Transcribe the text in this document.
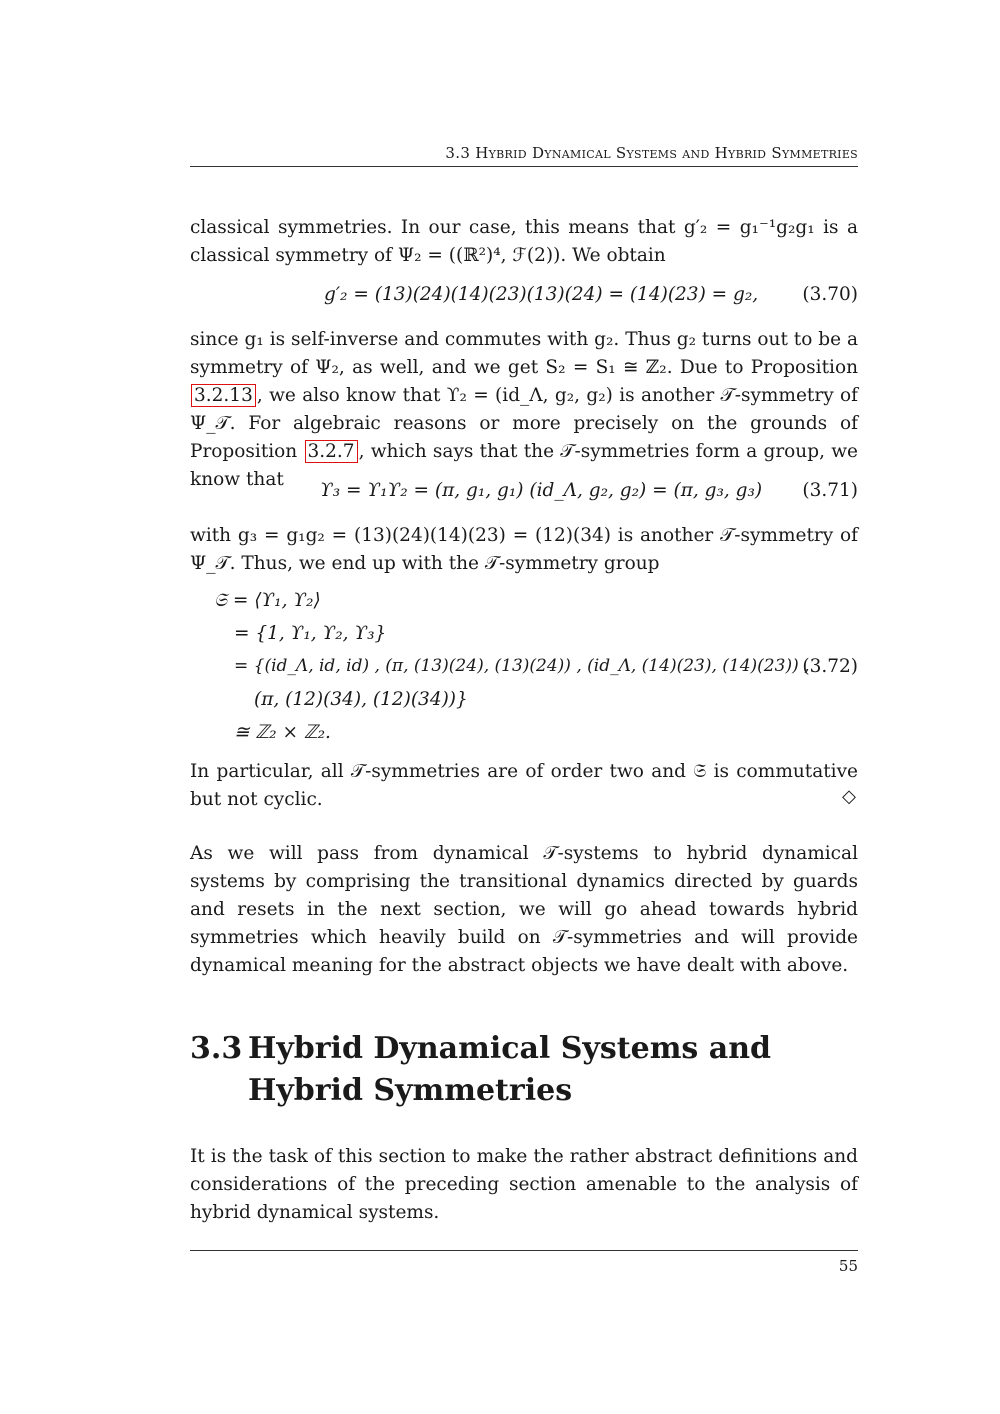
3.3 Hybrid Dynamical Systems and Hybrid Symmetries

classical symmetries. In our case, this means that g′₂ = g₁⁻¹g₂g₁ is a classical symmetry of Ψ₂ = ((ℝ²)⁴, ℱ(2)). We obtain

g′₂ = (13)(24)(14)(23)(13)(24) = (14)(23) = g₂, (3.70)

since g₁ is self-inverse and commutes with g₂. Thus g₂ turns out to be a symmetry of Ψ₂, as well, and we get S₂ = S₁ ≅ ℤ₂. Due to Proposition 3.2.13 , we also know that ϒ₂ = (id_Λ, g₂, g₂) is another 𝒯-symmetry of Ψ_𝒯. For algebraic reasons or more precisely on the grounds of Proposition 3.2.7 , which says that the 𝒯-symmetries form a group, we know that

ϒ₃ = ϒ₁ϒ₂ = (π, g₁, g₁) (id_Λ, g₂, g₂) = (π, g₃, g₃) (3.71)

with g₃ = g₁g₂ = (13)(24)(14)(23) = (12)(34) is another 𝒯-symmetry of Ψ_𝒯. Thus, we end up with the 𝒯-symmetry group

𝔖 = ⟨ϒ₁, ϒ₂⟩
= {1, ϒ₁, ϒ₂, ϒ₃}
= {(id_Λ, id, id) , (π, (13)(24), (13)(24)) , (id_Λ, (14)(23), (14)(23)) ,
(3.72)
(π, (12)(34), (12)(34))}
≅ ℤ₂ × ℤ₂.

In particular, all 𝒯-symmetries are of order two and 𝔖 is commutative but not cyclic.	◇

As we will pass from dynamical 𝒯-systems to hybrid dynamical systems by comprising the transitional dynamics directed by guards and resets in the next section, we will go ahead towards hybrid symmetries which heavily build on 𝒯-symmetries and will provide dynamical meaning for the abstract objects we have dealt with above.

3.3 Hybrid Dynamical Systems and Hybrid Symmetries

It is the task of this section to make the rather abstract definitions and considerations of the preceding section amenable to the analysis of hybrid dynamical systems.

55
